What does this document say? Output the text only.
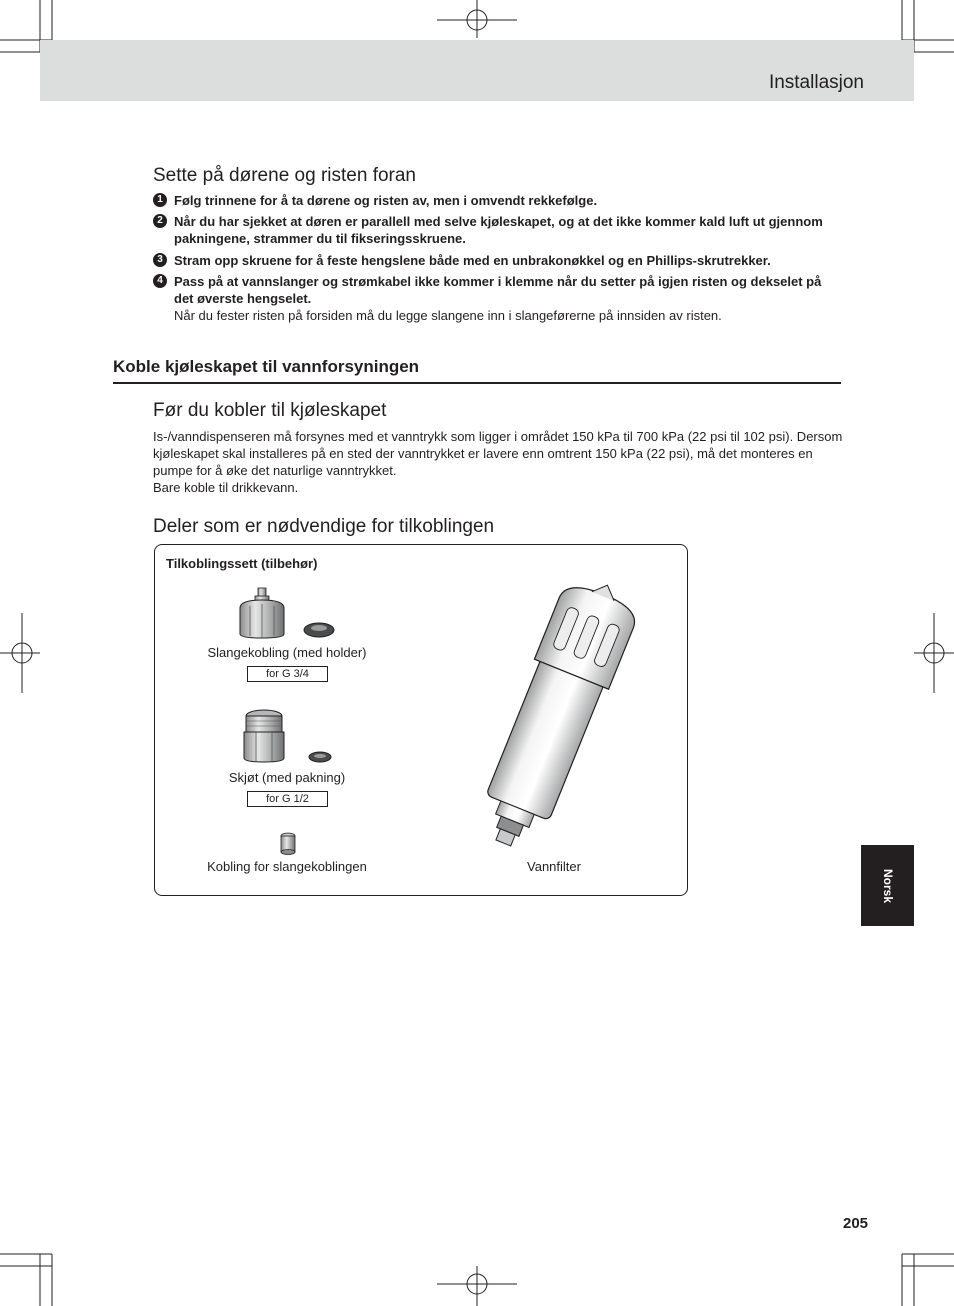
Installasjon
Sette på dørene og risten foran
1 Følg trinnene for å ta dørene og risten av, men i omvendt rekkefølge.
2 Når du har sjekket at døren er parallell med selve kjøleskapet, og at det ikke kommer kald luft ut gjennom pakningene, strammer du til fikseringsskruene.
3 Stram opp skruene for å feste hengslene både med en unbrakonøkkel og en Phillips-skrutrekker.
4 Pass på at vannslanger og strømkabel ikke kommer i klemme når du setter på igjen risten og dekselet på det øverste hengselet.
Når du fester risten på forsiden må du legge slangene inn i slangeførerne på innsiden av risten.
Koble kjøleskapet til vannforsyningen
Før du kobler til kjøleskapet
Is-/vanndispenseren må forsynes med et vanntrykk som ligger i området 150 kPa til 700 kPa (22 psi til 102 psi). Dersom kjøleskapet skal installeres på en sted der vanntrykket er lavere enn omtrent 150 kPa (22 psi), må det monteres en pumpe for å øke det naturlige vanntrykket.
Bare koble til drikkevann.
Deler som er nødvendige for tilkoblingen
Tilkoblingssett (tilbehør)
Slangekobling (med holder)
for G 3/4
Skjøt (med pakning)
for G 1/2
Kobling for slangekoblingen	Vannfilter
Norsk
205
